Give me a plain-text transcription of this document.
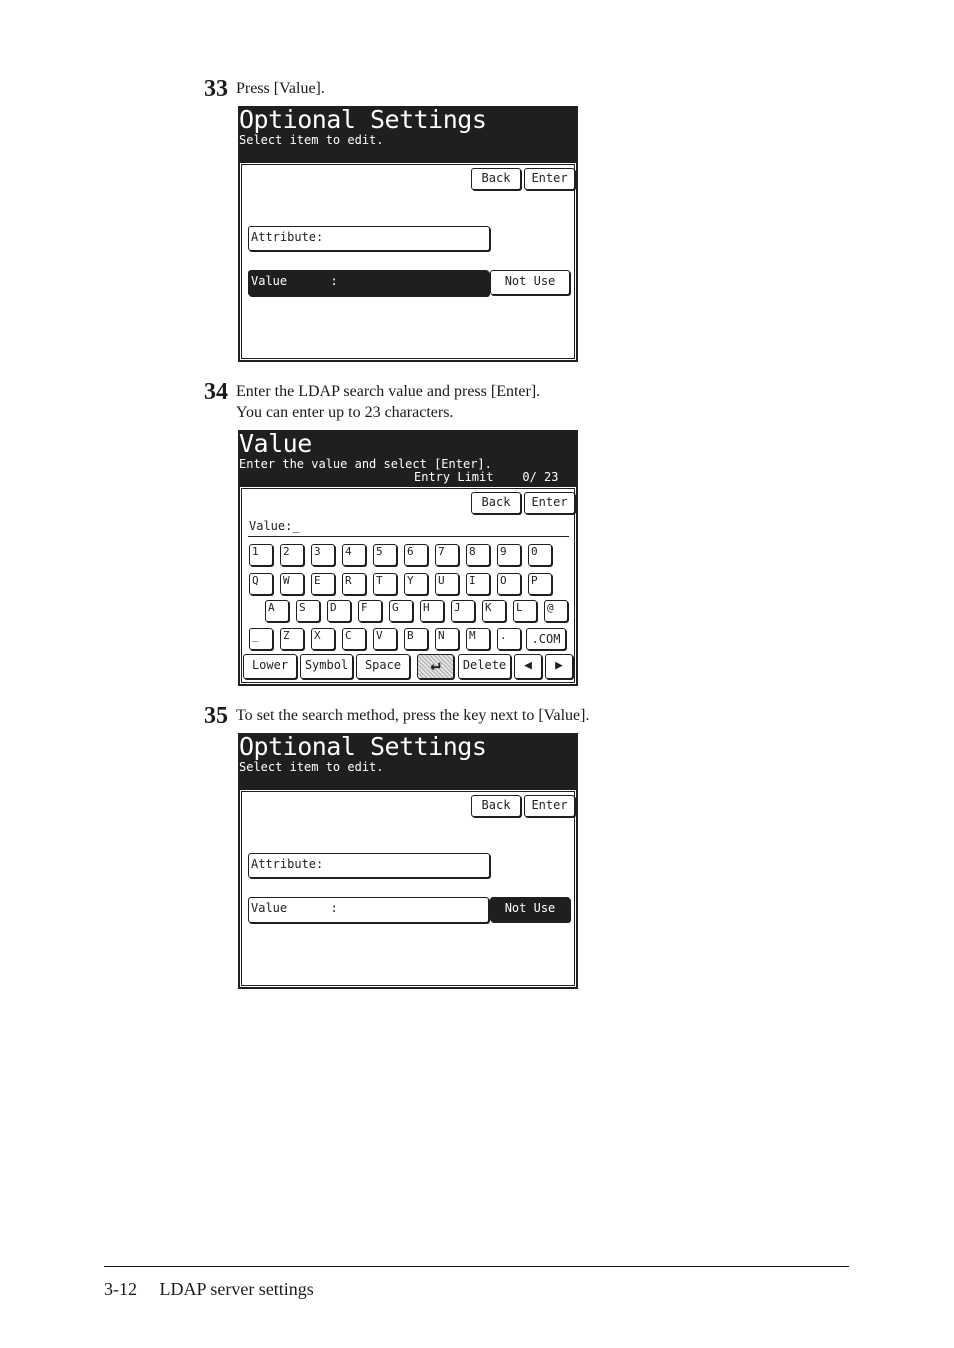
33 Press [Value].
Optional Settings
Select item to edit.
Back	Enter
Attribute:
Value      :	Not Use
34 Enter the LDAP search value and press [Enter].
You can enter up to 23 characters.
Value
Enter the value and select [Enter].
Entry Limit    0/ 23
Back	Enter
Value:_
1	2	3	4	5	6	7	8	9	0
Q	W	E	R	T	Y	U	I	O	P
A	S	D	F	G	H	J	K	L	@
_	Z	X	C	V	B	N	M	.	.COM
Lower	Symbol	Space	↵	Delete	◀	▶
35 To set the search method, press the key next to [Value].
Optional Settings
Select item to edit.
Back	Enter
Attribute:
Value      :	Not Use
3-12 LDAP server settings
